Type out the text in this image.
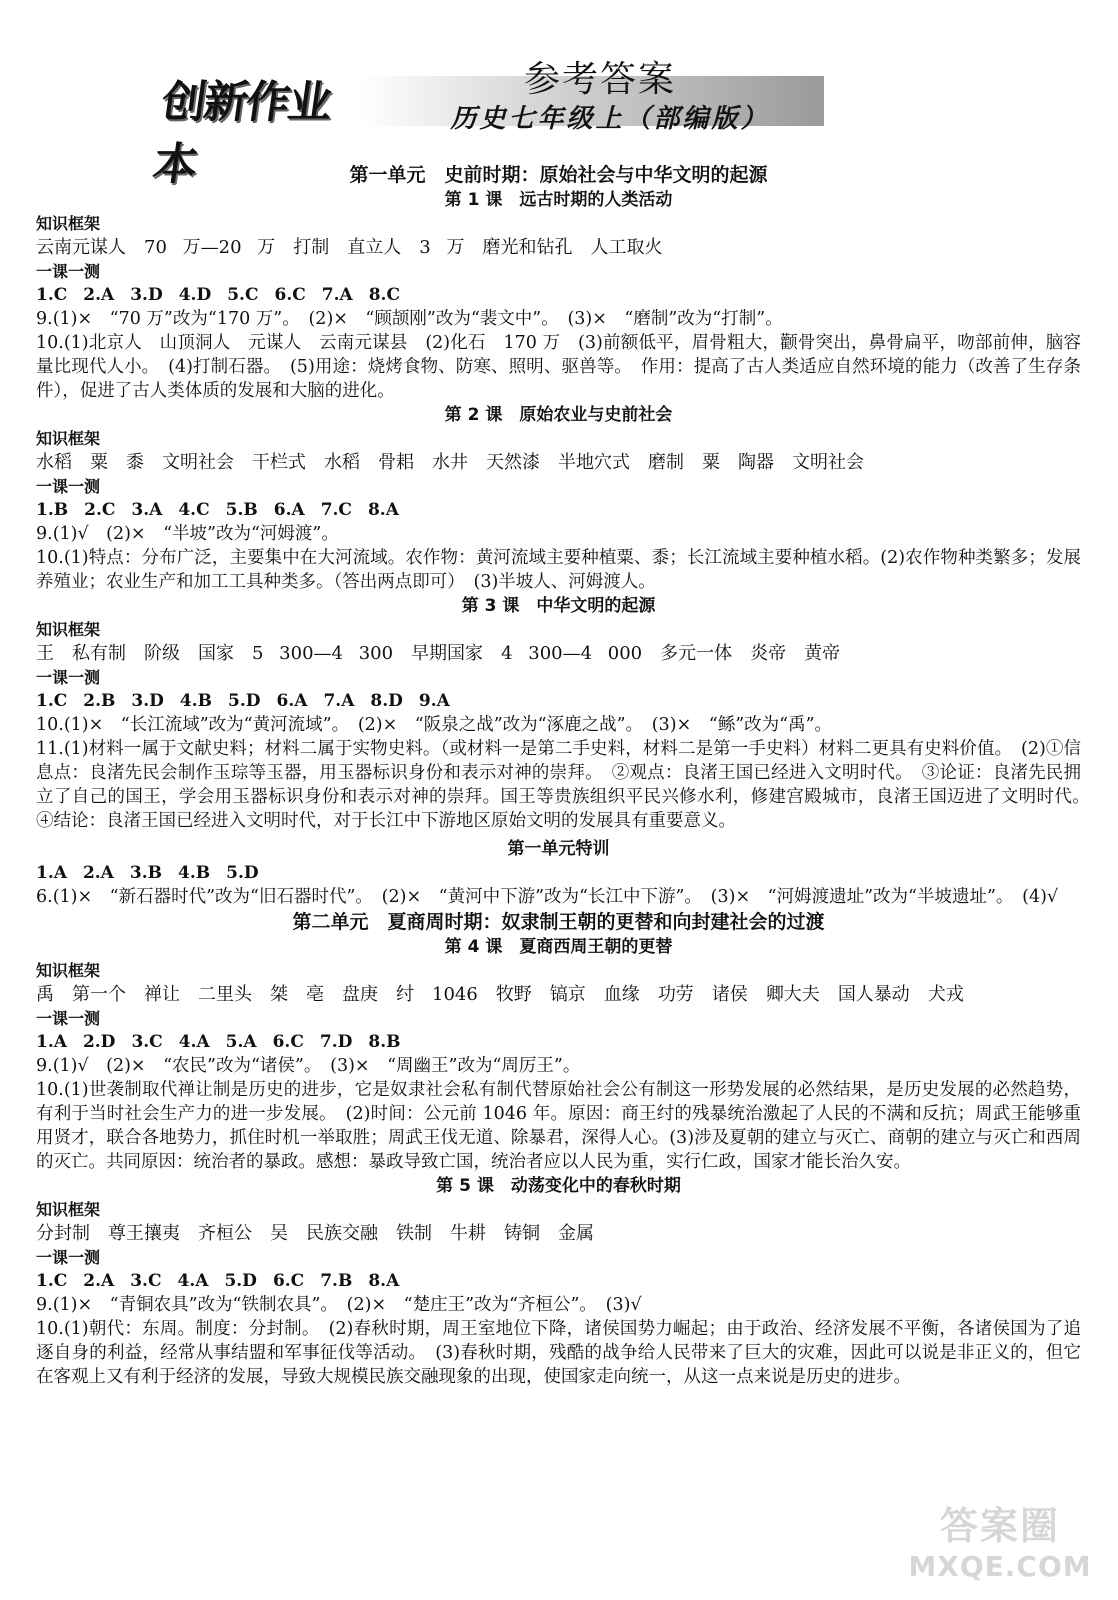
创新作业本
参考答案
历史七年级上（部编版）
第一单元　史前时期：原始社会与中华文明的起源
第 1 课　远古时期的人类活动
知识框架
云南元谋人 70 万—20 万 打制 直立人 3 万 磨光和钻孔 人工取火
一课一测
1.C 2.A 3.D 4.D 5.C 6.C 7.A 8.C
9.(1)×　“70 万”改为“170 万”。　(2)×　“顾颉刚”改为“裴文中”。　(3)×　“磨制”改为“打制”。
10.(1)北京人　山顶洞人　元谋人　云南元谋县　(2)化石　170 万　(3)前额低平，眉骨粗大，颧骨突出，鼻骨扁平，吻部前伸，脑容量比现代人小。　(4)打制石器。　(5)用途：烧烤食物、防寒、照明、驱兽等。　作用：提高了古人类适应自然环境的能力（改善了生存条件），促进了古人类体质的发展和大脑的进化。
第 2 课　原始农业与史前社会
知识框架
水稻 粟 黍 文明社会 干栏式 水稻 骨耜 水井 天然漆 半地穴式 磨制 粟 陶器 文明社会
一课一测
1.B 2.C 3.A 4.C 5.B 6.A 7.C 8.A
9.(1)√　(2)×　“半坡”改为“河姆渡”。
10.(1)特点：分布广泛，主要集中在大河流域。农作物：黄河流域主要种植粟、黍；长江流域主要种植水稻。(2)农作物种类繁多；发展养殖业；农业生产和加工工具种类多。（答出两点即可）　(3)半坡人、河姆渡人。
第 3 课　中华文明的起源
知识框架
王 私有制 阶级 国家 5 300—4 300 早期国家 4 300—4 000 多元一体 炎帝 黄帝
一课一测
1.C 2.B 3.D 4.B 5.D 6.A 7.A 8.D 9.A
10.(1)×　“长江流域”改为“黄河流域”。　(2)×　“阪泉之战”改为“涿鹿之战”。　(3)×　“鲧”改为“禹”。
11.(1)材料一属于文献史料；材料二属于实物史料。（或材料一是第二手史料，材料二是第一手史料）材料二更具有史料价值。　(2)①信息点：良渚先民会制作玉琮等玉器，用玉器标识身份和表示对神的崇拜。　②观点：良渚王国已经进入文明时代。　③论证：良渚先民拥立了自己的国王，学会用玉器标识身份和表示对神的崇拜。国王等贵族组织平民兴修水利，修建宫殿城市，良渚王国迈进了文明时代。　④结论：良渚王国已经进入文明时代，对于长江中下游地区原始文明的发展具有重要意义。
第一单元特训
1.A 2.A 3.B 4.B 5.D
6.(1)×　“新石器时代”改为“旧石器时代”。　(2)×　“黄河中下游”改为“长江中下游”。　(3)×　“河姆渡遗址”改为“半坡遗址”。　(4)√
第二单元　夏商周时期：奴隶制王朝的更替和向封建社会的过渡
第 4 课　夏商西周王朝的更替
知识框架
禹 第一个 禅让 二里头 桀 亳 盘庚 纣 1046 牧野 镐京 血缘 功劳 诸侯 卿大夫 国人暴动 犬戎
一课一测
1.A 2.D 3.C 4.A 5.A 6.C 7.D 8.B
9.(1)√　(2)×　“农民”改为“诸侯”。　(3)×　“周幽王”改为“周厉王”。
10.(1)世袭制取代禅让制是历史的进步，它是奴隶社会私有制代替原始社会公有制这一形势发展的必然结果，是历史发展的必然趋势，有利于当时社会生产力的进一步发展。　(2)时间：公元前 1046 年。原因：商王纣的残暴统治激起了人民的不满和反抗；周武王能够重用贤才，联合各地势力，抓住时机一举取胜；周武王伐无道、除暴君，深得人心。(3)涉及夏朝的建立与灭亡、商朝的建立与灭亡和西周的灭亡。共同原因：统治者的暴政。感想：暴政导致亡国，统治者应以人民为重，实行仁政，国家才能长治久安。
第 5 课　动荡变化中的春秋时期
知识框架
分封制 尊王攘夷 齐桓公 吴 民族交融 铁制 牛耕 铸铜 金属
一课一测
1.C 2.A 3.C 4.A 5.D 6.C 7.B 8.A
9.(1)×　“青铜农具”改为“铁制农具”。　(2)×　“楚庄王”改为“齐桓公”。　(3)√
10.(1)朝代：东周。制度：分封制。　(2)春秋时期，周王室地位下降，诸侯国势力崛起；由于政治、经济发展不平衡，各诸侯国为了追逐自身的利益，经常从事结盟和军事征伐等活动。　(3)春秋时期，残酷的战争给人民带来了巨大的灾难，因此可以说是非正义的，但它在客观上又有利于经济的发展，导致大规模民族交融现象的出现，使国家走向统一，从这一点来说是历史的进步。
答案圈
MXQE.COM
